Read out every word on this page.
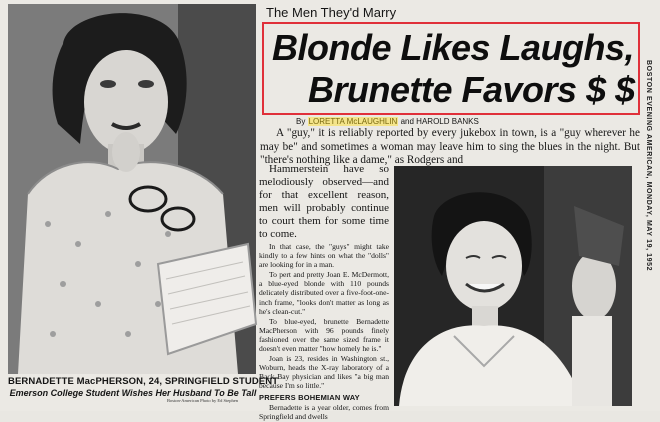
BERNADETTE MacPHERSON, 24, SPRINGFIELD STUDENT
Emerson College Student Wishes Her Husband To Be Tall
Boston-American Photo by Ed Stephen
The Men They'd Marry
Blonde Likes Laughs,
Brunette Favors $ $
By LORETTA McLAUGHLIN and HAROLD BANKS

A "guy," it is reliably reported by every jukebox in town, is a "guy wherever he may be" and sometimes a woman may leave him to sing the blues in the night. But "there's nothing like a dame," as Rodgers and

Hammerstein have so melodiously observed—and for that excellent reason, men will probably continue to court them for some time to come.

In that case, the "guys" might take kindly to a few hints on what the "dolls" are looking for in a man.

To pert and pretty Joan E. McDermott, a blue-eyed blonde with 110 pounds delicately distributed over a five-foot-one-inch frame, "looks don't matter as long as he's clean-cut."

To blue-eyed, brunette Bernadette MacPherson with 96 pounds finely fashioned over the same sized frame it doesn't even matter "how homely he is."

Joan is 23, resides in Washington st., Woburn, heads the X-ray laboratory of a Back Bay physician and likes "a big man because I'm so little."

PREFERS BOHEMIAN WAY

Bernadette is a year older, comes from Springfield and dwells

BOSTON EVENING AMERICAN, MONDAY, MAY 19, 1952
